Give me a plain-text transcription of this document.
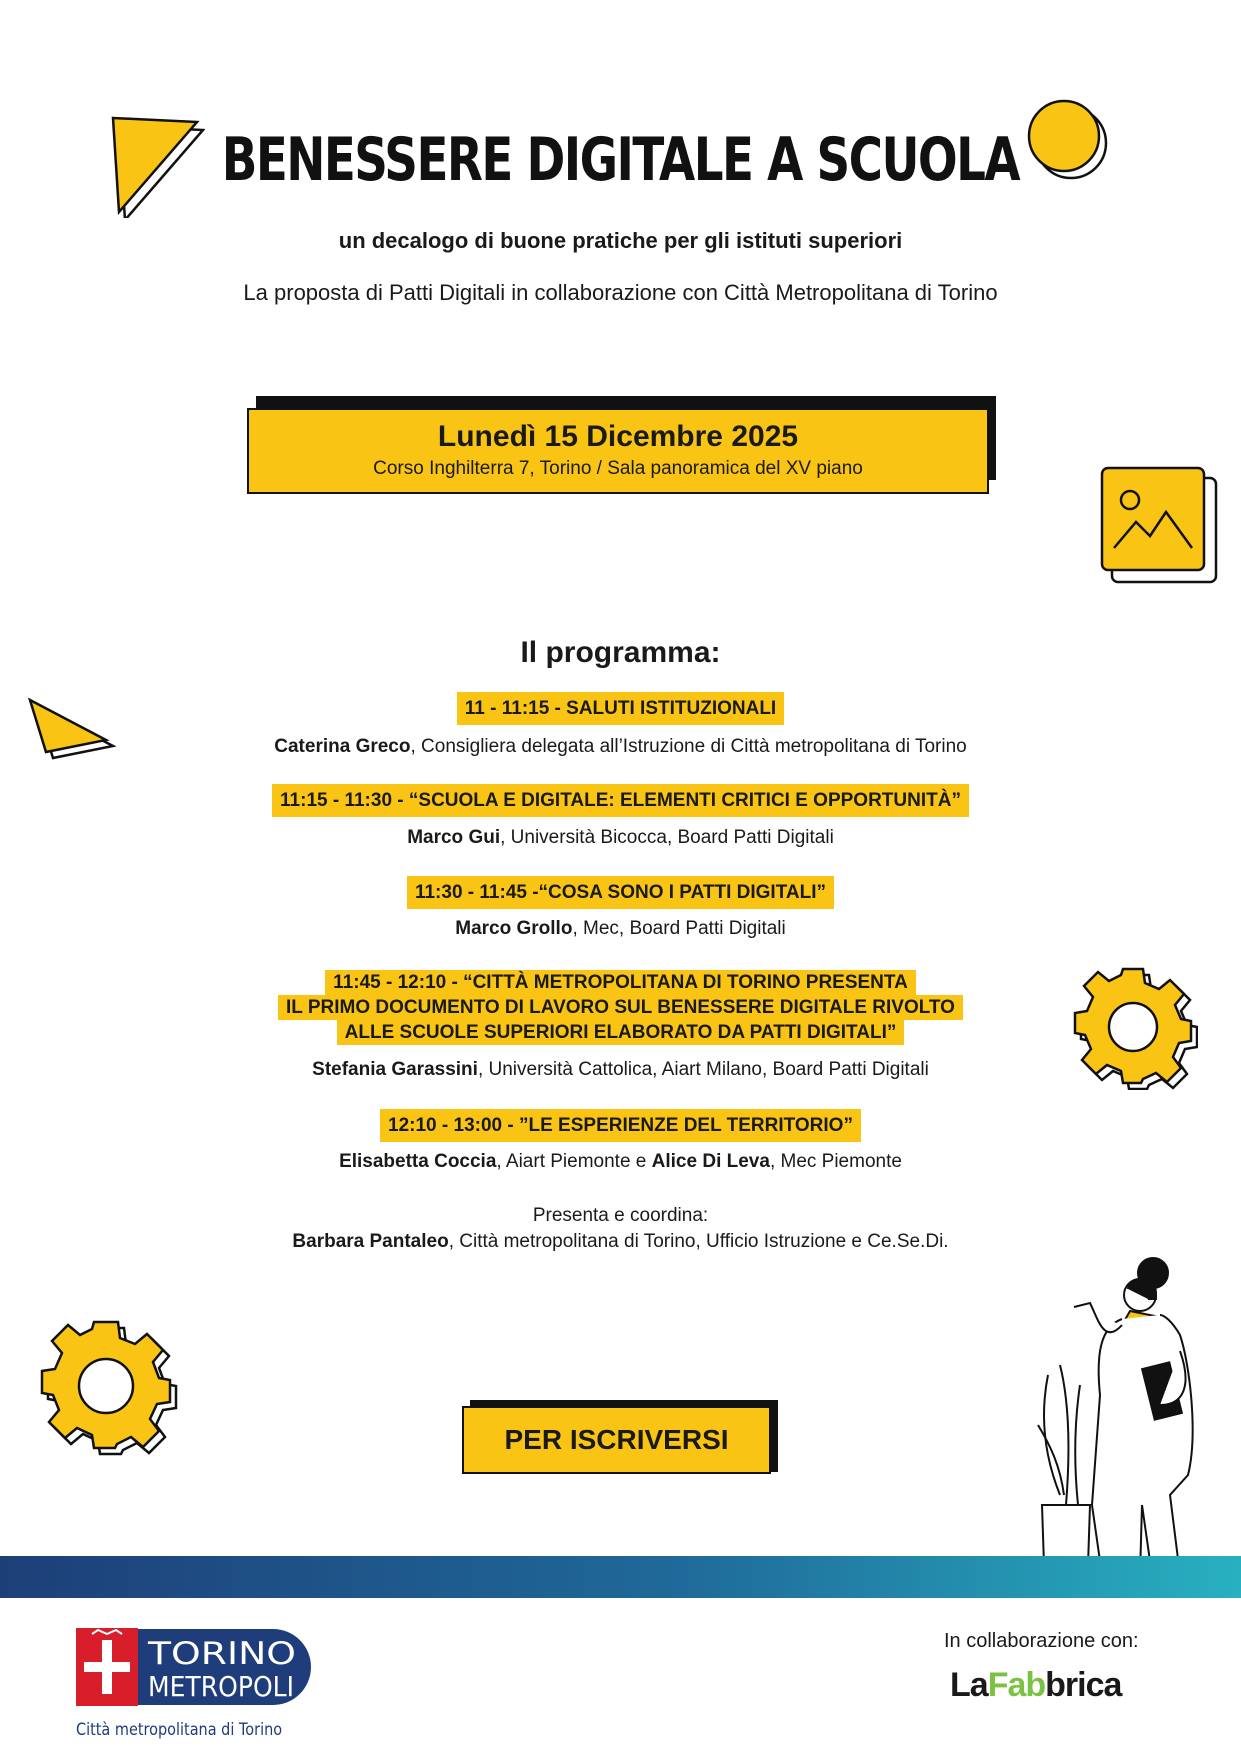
BENESSERE DIGITALE A SCUOLA
un decalogo di buone pratiche per gli istituti superiori
La proposta di Patti Digitali in collaborazione con Città Metropolitana di Torino
Lunedì 15 Dicembre 2025
Corso Inghilterra 7, Torino / Sala panoramica del XV piano
Il programma:
11 - 11:15 - SALUTI ISTITUZIONALI
Caterina Greco, Consigliera delegata all’Istruzione di Città metropolitana di Torino
11:15 - 11:30 - “SCUOLA E DIGITALE: ELEMENTI CRITICI E OPPORTUNITÀ”
Marco Gui, Università Bicocca, Board Patti Digitali
11:30 - 11:45 -“COSA SONO I PATTI DIGITALI”
Marco Grollo, Mec, Board Patti Digitali
11:45 - 12:10 - “CITTÀ METROPOLITANA DI TORINO PRESENTA
IL PRIMO DOCUMENTO DI LAVORO SUL BENESSERE DIGITALE RIVOLTO
ALLE SCUOLE SUPERIORI ELABORATO DA PATTI DIGITALI”
Stefania Garassini, Università Cattolica, Aiart Milano, Board Patti Digitali
12:10 - 13:00 - ”LE ESPERIENZE DEL TERRITORIO”
Elisabetta Coccia, Aiart Piemonte e Alice Di Leva, Mec Piemonte
Presenta e coordina:
Barbara Pantaleo, Città metropolitana di Torino, Ufficio Istruzione e Ce.Se.Di.
PER ISCRIVERSI
TORINO
METROPOLI
Città metropolitana di Torino
In collaborazione con:
LaFabbrica
